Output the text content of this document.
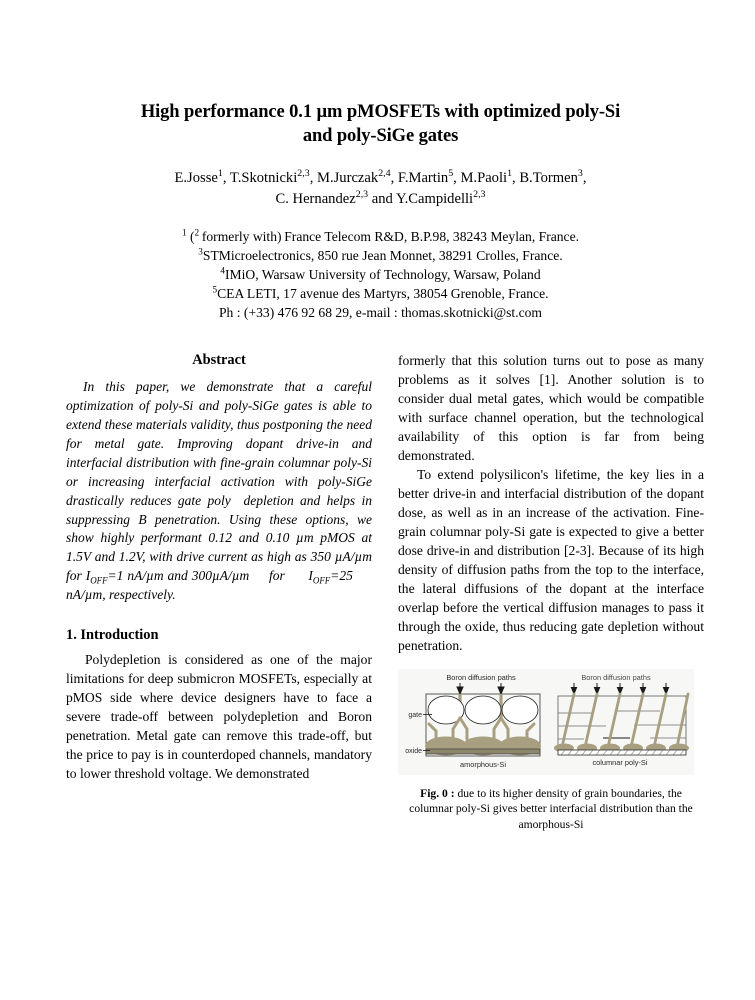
High performance 0.1 µm pMOSFETs with optimized poly-Si
and poly-SiGe gates
E.Josse$^1$, T.Skotnicki$^{2,3}$, M.Jurczak$^{2,4}$, F.Martin$^5$, M.Paoli$^1$, B.Tormen$^3$,
C. Hernandez$^{2,3}$ and Y.Campidelli$^{2,3}$
$^1$ ($^2$ formerly with) France Telecom R&D, B.P.98, 38243 Meylan, France.
$^3$STMicroelectronics, 850 rue Jean Monnet, 38291 Crolles, France.
$^4$IMiO, Warsaw University of Technology, Warsaw, Poland
$^5$CEA LETI, 17 avenue des Martyrs, 38054 Grenoble, France.
Ph : (+33) 476 92 68 29, e-mail : thomas.skotnicki@st.com
Abstract

In this paper, we demonstrate that a careful optimization of poly-Si and poly-SiGe gates is able to extend these materials validity, thus postponing the need for metal gate. Improving dopant drive-in and interfacial distribution with fine-grain columnar poly-Si or increasing interfacial activation with poly-SiGe drastically reduces gate poly  depletion and helps in suppressing B penetration. Using these options, we show highly performant 0.12 and 0.10 µm pMOS at 1.5V and 1.2V, with drive current as high as 350 µA/µm for $I_{OFF}=1$ nA/µm and 300µA/µm     for      $I_{OFF}=25$      nA/µm, respectively.

1. Introduction

Polydepletion is considered as one of the major limitations for deep submicron MOSFETs, especially at pMOS side where device designers have to face a severe trade-off between polydepletion and Boron penetration. Metal gate can remove this trade-off, but the price to pay is in counterdoped channels, mandatory to lower threshold voltage. We demonstrated

formerly that this solution turns out to pose as many problems as it solves [1]. Another solution is to consider dual metal gates, which would be compatible with surface channel operation, but the technological availability of this option is far from being demonstrated.

To extend polysilicon's lifetime, the key lies in a better drive-in and interfacial distribution of the dopant dose, as well as in an increase of the activation. Fine-grain columnar poly-Si gate is expected to give a better dose drive-in and distribution [2-3]. Because of its high density of diffusion paths from the top to the interface, the lateral diffusions of the dopant at the interface overlap before the vertical diffusion manages to pass it through the oxide, thus reducing gate depletion without penetration.

Boron diffusion paths
gate
oxide
amorphous-Si
Boron diffusion paths
columnar poly-Si
Fig. 0 : due to its higher density of grain boundaries, the columnar poly-Si gives better interfacial distribution than the amorphous-Si
